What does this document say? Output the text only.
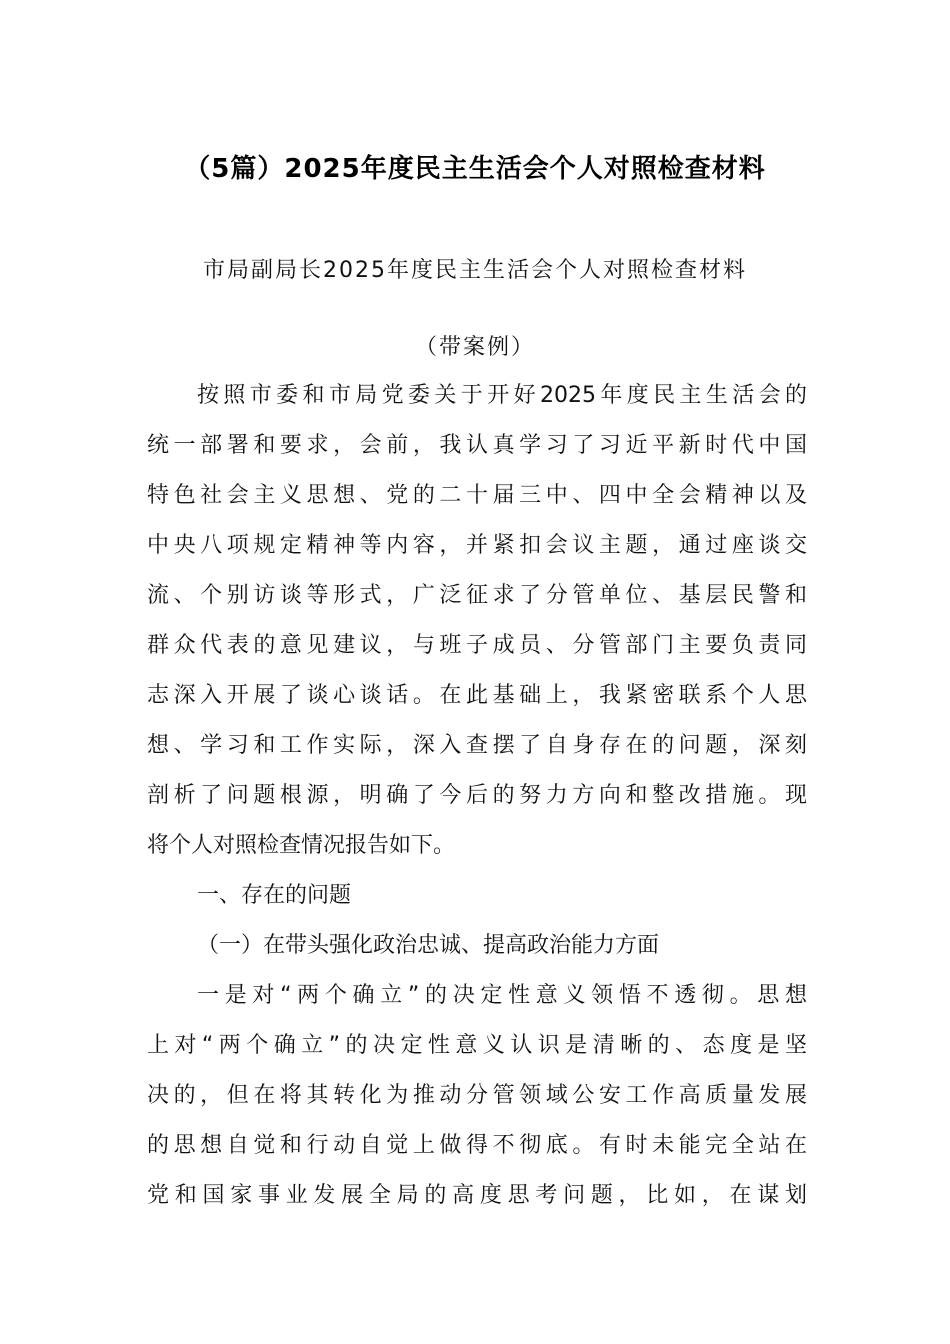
（5篇）2025年度民主生活会个人对照检查材料
市局副局长2025年度民主生活会个人对照检查材料
（带案例）
按照市委和市局党委关于开好2025年度民主生活会的
统一部署和要求，会前，我认真学习了习近平新时代中国
特色社会主义思想、党的二十届三中、四中全会精神以及
中央八项规定精神等内容，并紧扣会议主题，通过座谈交
流、个别访谈等形式，广泛征求了分管单位、基层民警和
群众代表的意见建议，与班子成员、分管部门主要负责同
志深入开展了谈心谈话。在此基础上，我紧密联系个人思
想、学习和工作实际，深入查摆了自身存在的问题，深刻
剖析了问题根源，明确了今后的努力方向和整改措施。现
将个人对照检查情况报告如下。
一、存在的问题
（一）在带头强化政治忠诚、提高政治能力方面
一是对“两个确立”的决定性意义领悟不透彻。思想
上对“两个确立”的决定性意义认识是清晰的、态度是坚
决的，但在将其转化为推动分管领域公安工作高质量发展
的思想自觉和行动自觉上做得不彻底。有时未能完全站在
党和国家事业发展全局的高度思考问题，比如，在谋划
